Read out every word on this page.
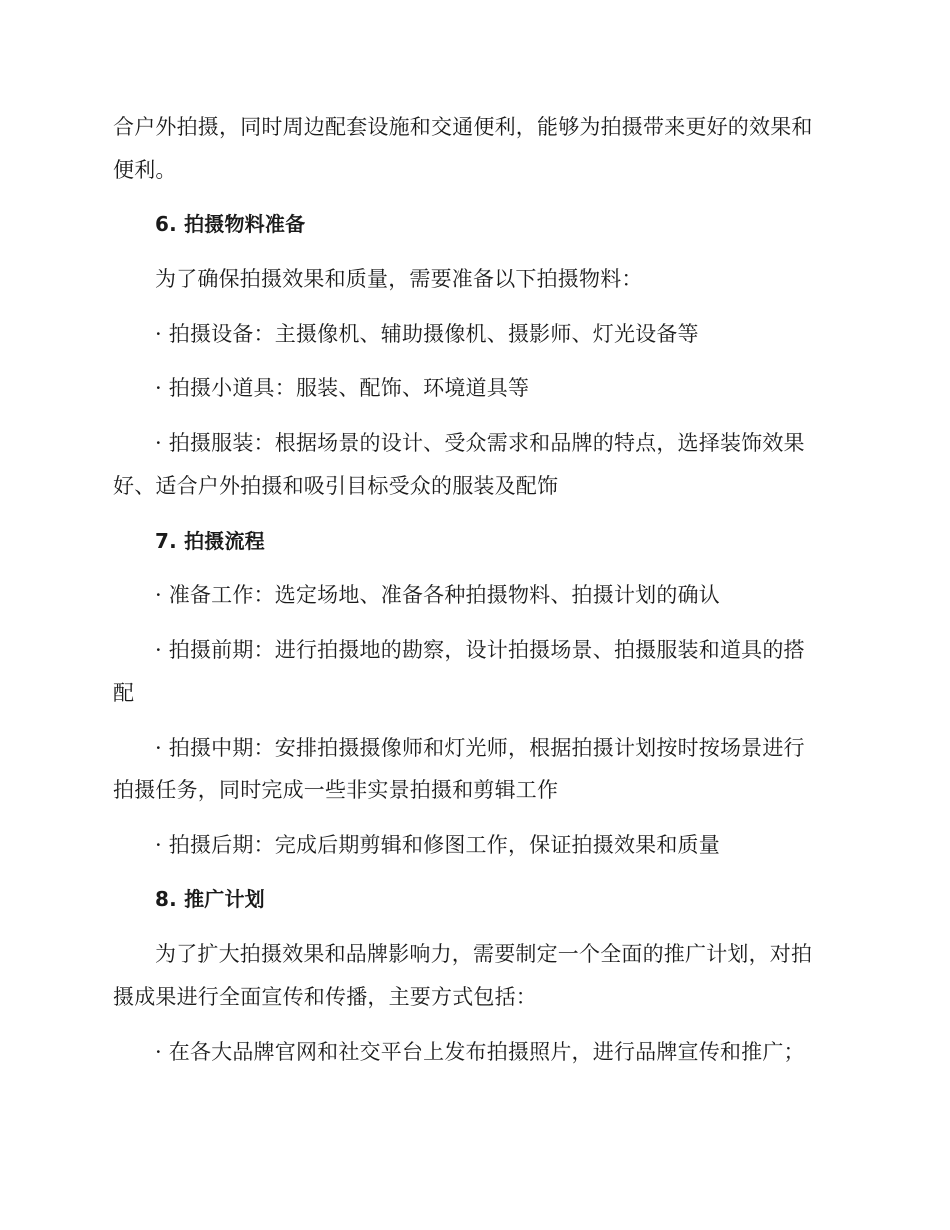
合户外拍摄，同时周边配套设施和交通便利，能够为拍摄带来更好的效果和
便利。
6. 拍摄物料准备
为了确保拍摄效果和质量，需要准备以下拍摄物料：
· 拍摄设备：主摄像机、辅助摄像机、摄影师、灯光设备等
· 拍摄小道具：服装、配饰、环境道具等
· 拍摄服装：根据场景的设计、受众需求和品牌的特点，选择装饰效果
好、适合户外拍摄和吸引目标受众的服装及配饰
7. 拍摄流程
· 准备工作：选定场地、准备各种拍摄物料、拍摄计划的确认
· 拍摄前期：进行拍摄地的勘察，设计拍摄场景、拍摄服装和道具的搭
配
· 拍摄中期：安排拍摄摄像师和灯光师，根据拍摄计划按时按场景进行
拍摄任务，同时完成一些非实景拍摄和剪辑工作
· 拍摄后期：完成后期剪辑和修图工作，保证拍摄效果和质量
8. 推广计划
为了扩大拍摄效果和品牌影响力，需要制定一个全面的推广计划，对拍
摄成果进行全面宣传和传播，主要方式包括：
· 在各大品牌官网和社交平台上发布拍摄照片，进行品牌宣传和推广；
